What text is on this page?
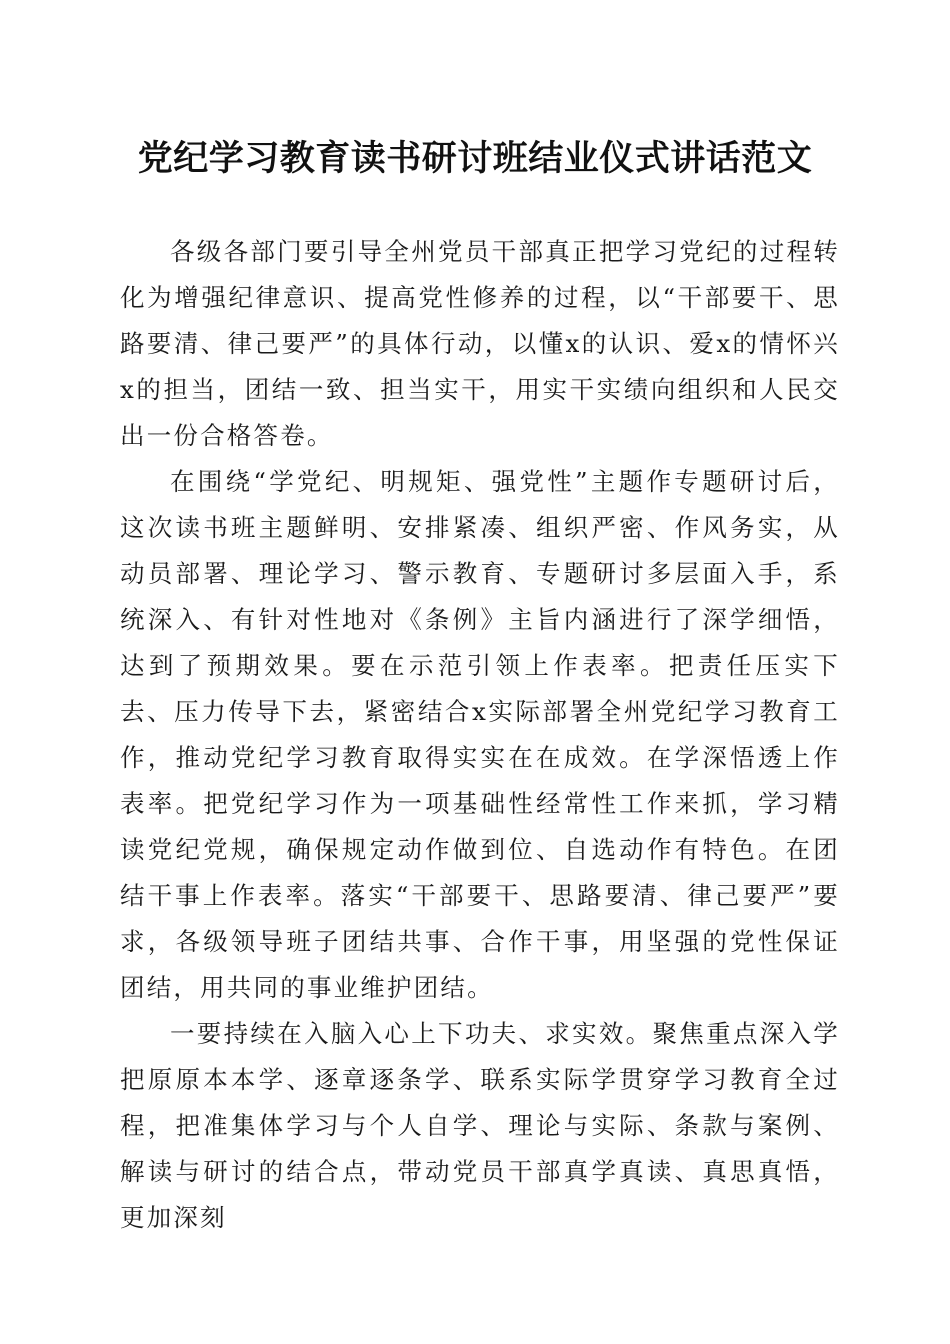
党纪学习教育读书研讨班结业仪式讲话范文

各级各部门要引导全州党员干部真正把学习党纪的过程转化为增强纪律意识、提高党性修养的过程，以“干部要干、思路要清、律己要严”的具体行动，以懂x的认识、爱x的情怀兴x的担当，团结一致、担当实干，用实干实绩向组织和人民交出一份合格答卷。

在围绕“学党纪、明规矩、强党性”主题作专题研讨后，这次读书班主题鲜明、安排紧凑、组织严密、作风务实，从动员部署、理论学习、警示教育、专题研讨多层面入手，系统深入、有针对性地对《条例》主旨内涵进行了深学细悟，达到了预期效果。要在示范引领上作表率。把责任压实下去、压力传导下去，紧密结合x实际部署全州党纪学习教育工作，推动党纪学习教育取得实实在在成效。在学深悟透上作表率。把党纪学习作为一项基础性经常性工作来抓，学习精读党纪党规，确保规定动作做到位、自选动作有特色。在团结干事上作表率。落实“干部要干、思路要清、律己要严”要求，各级领导班子团结共事、合作干事，用坚强的党性保证团结，用共同的事业维护团结。

一要持续在入脑入心上下功夫、求实效。聚焦重点深入学把原原本本学、逐章逐条学、联系实际学贯穿学习教育全过程，把准集体学习与个人自学、理论与实际、条款与案例、解读与研讨的结合点，带动党员干部真学真读、真思真悟，更加深刻
